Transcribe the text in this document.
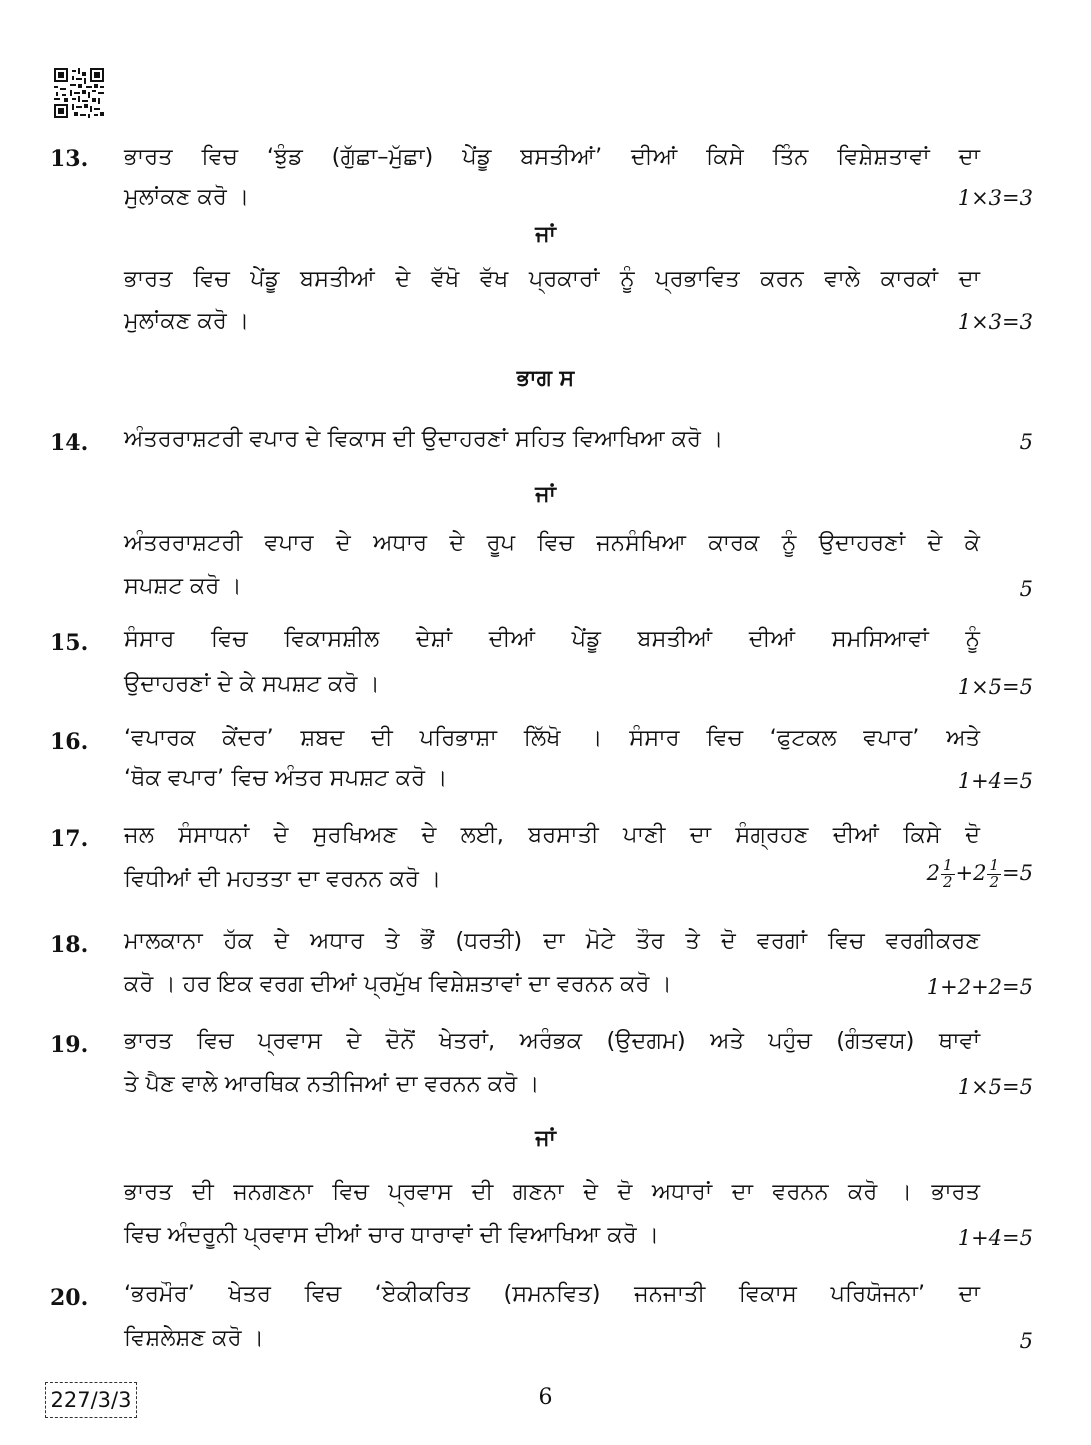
13. ਭਾਰਤ ਵਿਚ ‘ਝੁੰਡ (ਗੁੱਛਾ–ਮੁੱਛਾ) ਪੇਂਡੂ ਬਸਤੀਆਂ’ ਦੀਆਂ ਕਿਸੇ ਤਿੰਨ ਵਿਸ਼ੇਸ਼ਤਾਵਾਂ ਦਾ
ਮੁਲਾਂਕਣ ਕਰੋ ।	1×3=3
ਜਾਂ
ਭਾਰਤ ਵਿਚ ਪੇਂਡੂ ਬਸਤੀਆਂ ਦੇ ਵੱਖੋ ਵੱਖ ਪ੍ਰਕਾਰਾਂ ਨੂੰ ਪ੍ਰਭਾਵਿਤ ਕਰਨ ਵਾਲੇ ਕਾਰਕਾਂ ਦਾ
ਮੁਲਾਂਕਣ ਕਰੋ ।	1×3=3
ਭਾਗ ਸ
14. ਅੰਤਰਰਾਸ਼ਟਰੀ ਵਪਾਰ ਦੇ ਵਿਕਾਸ ਦੀ ਉਦਾਹਰਣਾਂ ਸਹਿਤ ਵਿਆਖਿਆ ਕਰੋ ।	5
ਜਾਂ
ਅੰਤਰਰਾਸ਼ਟਰੀ ਵਪਾਰ ਦੇ ਅਧਾਰ ਦੇ ਰੂਪ ਵਿਚ ਜਨਸੰਖਿਆ ਕਾਰਕ ਨੂੰ ਉਦਾਹਰਣਾਂ ਦੇ ਕੇ
ਸਪਸ਼ਟ ਕਰੋ ।	5
15. ਸੰਸਾਰ ਵਿਚ ਵਿਕਾਸਸ਼ੀਲ ਦੇਸ਼ਾਂ ਦੀਆਂ ਪੇਂਡੂ ਬਸਤੀਆਂ ਦੀਆਂ ਸਮਸਿਆਵਾਂ ਨੂੰ
ਉਦਾਹਰਣਾਂ ਦੇ ਕੇ ਸਪਸ਼ਟ ਕਰੋ ।	1×5=5
16. ‘ਵਪਾਰਕ ਕੇਂਦਰ’ ਸ਼ਬਦ ਦੀ ਪਰਿਭਾਸ਼ਾ ਲਿੱਖੋ । ਸੰਸਾਰ ਵਿਚ ‘ਫੁਟਕਲ ਵਪਾਰ’ ਅਤੇ
‘ਥੋਕ ਵਪਾਰ’ ਵਿਚ ਅੰਤਰ ਸਪਸ਼ਟ ਕਰੋ ।	1+4=5
17. ਜਲ ਸੰਸਾਧਨਾਂ ਦੇ ਸੁਰਖਿਅਣ ਦੇ ਲਈ, ਬਰਸਾਤੀ ਪਾਣੀ ਦਾ ਸੰਗ੍ਰਹਣ ਦੀਆਂ ਕਿਸੇ ਦੋ
ਵਿਧੀਆਂ ਦੀ ਮਹਤਤਾ ਦਾ ਵਰਨਨ ਕਰੋ ।	$2 \frac{1}{2} +2 \frac{1}{2} =5$
18. ਮਾਲਕਾਨਾ ਹੱਕ ਦੇ ਅਧਾਰ ਤੇ ਭੌਂ (ਧਰਤੀ) ਦਾ ਮੋਟੇ ਤੌਰ ਤੇ ਦੋ ਵਰਗਾਂ ਵਿਚ ਵਰਗੀਕਰਣ
ਕਰੋ । ਹਰ ਇਕ ਵਰਗ ਦੀਆਂ ਪ੍ਰਮੁੱਖ ਵਿਸ਼ੇਸ਼ਤਾਵਾਂ ਦਾ ਵਰਨਨ ਕਰੋ ।	1+2+2=5
19. ਭਾਰਤ ਵਿਚ ਪ੍ਰਵਾਸ ਦੇ ਦੋਨੋਂ ਖੇਤਰਾਂ, ਅਰੰਭਕ (ਉਦਗਮ) ਅਤੇ ਪਹੁੰਚ (ਗੰਤਵਯ) ਥਾਵਾਂ
ਤੇ ਪੈਣ ਵਾਲੇ ਆਰਥਿਕ ਨਤੀਜਿਆਂ ਦਾ ਵਰਨਨ ਕਰੋ ।	1×5=5
ਜਾਂ
ਭਾਰਤ ਦੀ ਜਨਗਣਨਾ ਵਿਚ ਪ੍ਰਵਾਸ ਦੀ ਗਣਨਾ ਦੇ ਦੋ ਅਧਾਰਾਂ ਦਾ ਵਰਨਨ ਕਰੋ । ਭਾਰਤ
ਵਿਚ ਅੰਦਰੂਨੀ ਪ੍ਰਵਾਸ ਦੀਆਂ ਚਾਰ ਧਾਰਾਵਾਂ ਦੀ ਵਿਆਖਿਆ ਕਰੋ ।	1+4=5
20. ‘ਭਰਮੌਰ’ ਖੇਤਰ ਵਿਚ ‘ਏਕੀਕਰਿਤ (ਸਮਨਵਿਤ) ਜਨਜਾਤੀ ਵਿਕਾਸ ਪਰਿਯੋਜਨਾ’ ਦਾ
ਵਿਸ਼ਲੇਸ਼ਣ ਕਰੋ ।	5
227/3/3	6
